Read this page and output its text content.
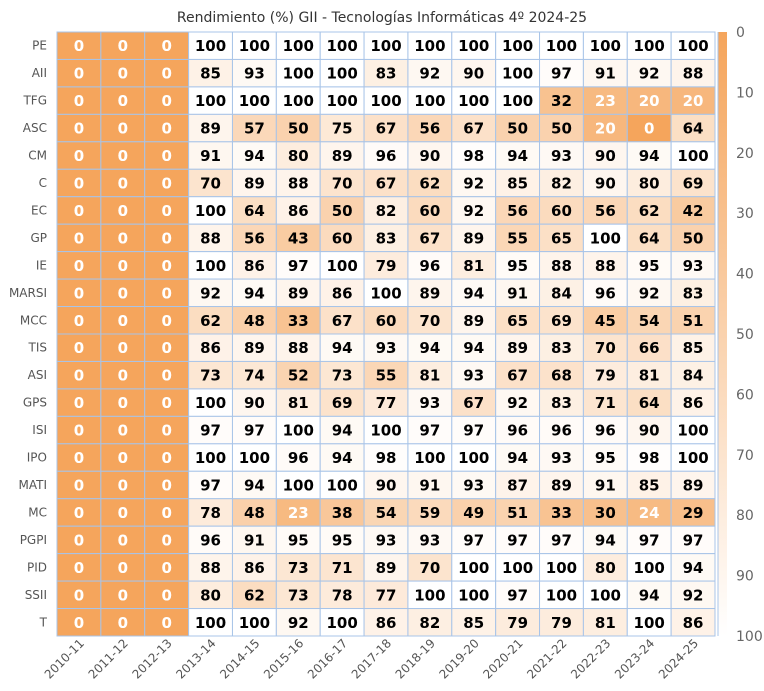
Rendimiento (%) GII - Tecnologías Informáticas 4º 2024-25
0 0 0 100 100 100 100 100 100 100 100 100 100 100 100
0 0 0 85 93 100 100 83 92 90 100 97 91 92 88
0 0 0 100 100 100 100 100 100 100 100 32 23 20 20
0 0 0 89 57 50 75 67 56 67 50 50 20 0 64
0 0 0 91 94 80 89 96 90 98 94 93 90 94 100
0 0 0 70 89 88 70 67 62 92 85 82 90 80 69
0 0 0 100 64 86 50 82 60 92 56 60 56 62 42
0 0 0 88 56 43 60 83 67 89 55 65 100 64 50
0 0 0 100 86 97 100 79 96 81 95 88 88 95 93
0 0 0 92 94 89 86 100 89 94 91 84 96 92 83
0 0 0 62 48 33 67 60 70 89 65 69 45 54 51
0 0 0 86 89 88 94 93 94 94 89 83 70 66 85
0 0 0 73 74 52 73 55 81 93 67 68 79 81 84
0 0 0 100 90 81 69 77 93 67 92 83 71 64 86
0 0 0 97 97 100 94 100 97 97 96 96 96 90 100
0 0 0 100 100 96 94 98 100 100 94 93 95 98 100
0 0 0 97 94 100 100 90 91 93 87 89 91 85 89
0 0 0 78 48 23 38 54 59 49 51 33 30 24 29
0 0 0 96 91 95 95 93 93 97 97 97 94 97 97
0 0 0 88 86 73 71 89 70 100 100 100 80 100 94
0 0 0 80 62 73 78 77 100 100 97 100 100 94 92
0 0 0 100 100 92 100 86 82 85 79 79 81 100 86
PE
AII
TFG
ASC
CM
C
EC
GP
IE
MARSI
MCC
TIS
ASI
GPS
ISI
IPO
MATI
MC
PGPI
PID
SSII
T
2010-11
2011-12
2012-13
2013-14
2014-15
2015-16
2016-17
2017-18
2018-19
2019-20
2020-21
2021-22
2022-23
2023-24
2024-25
0
10
20
30
40
50
60
70
80
90
100
